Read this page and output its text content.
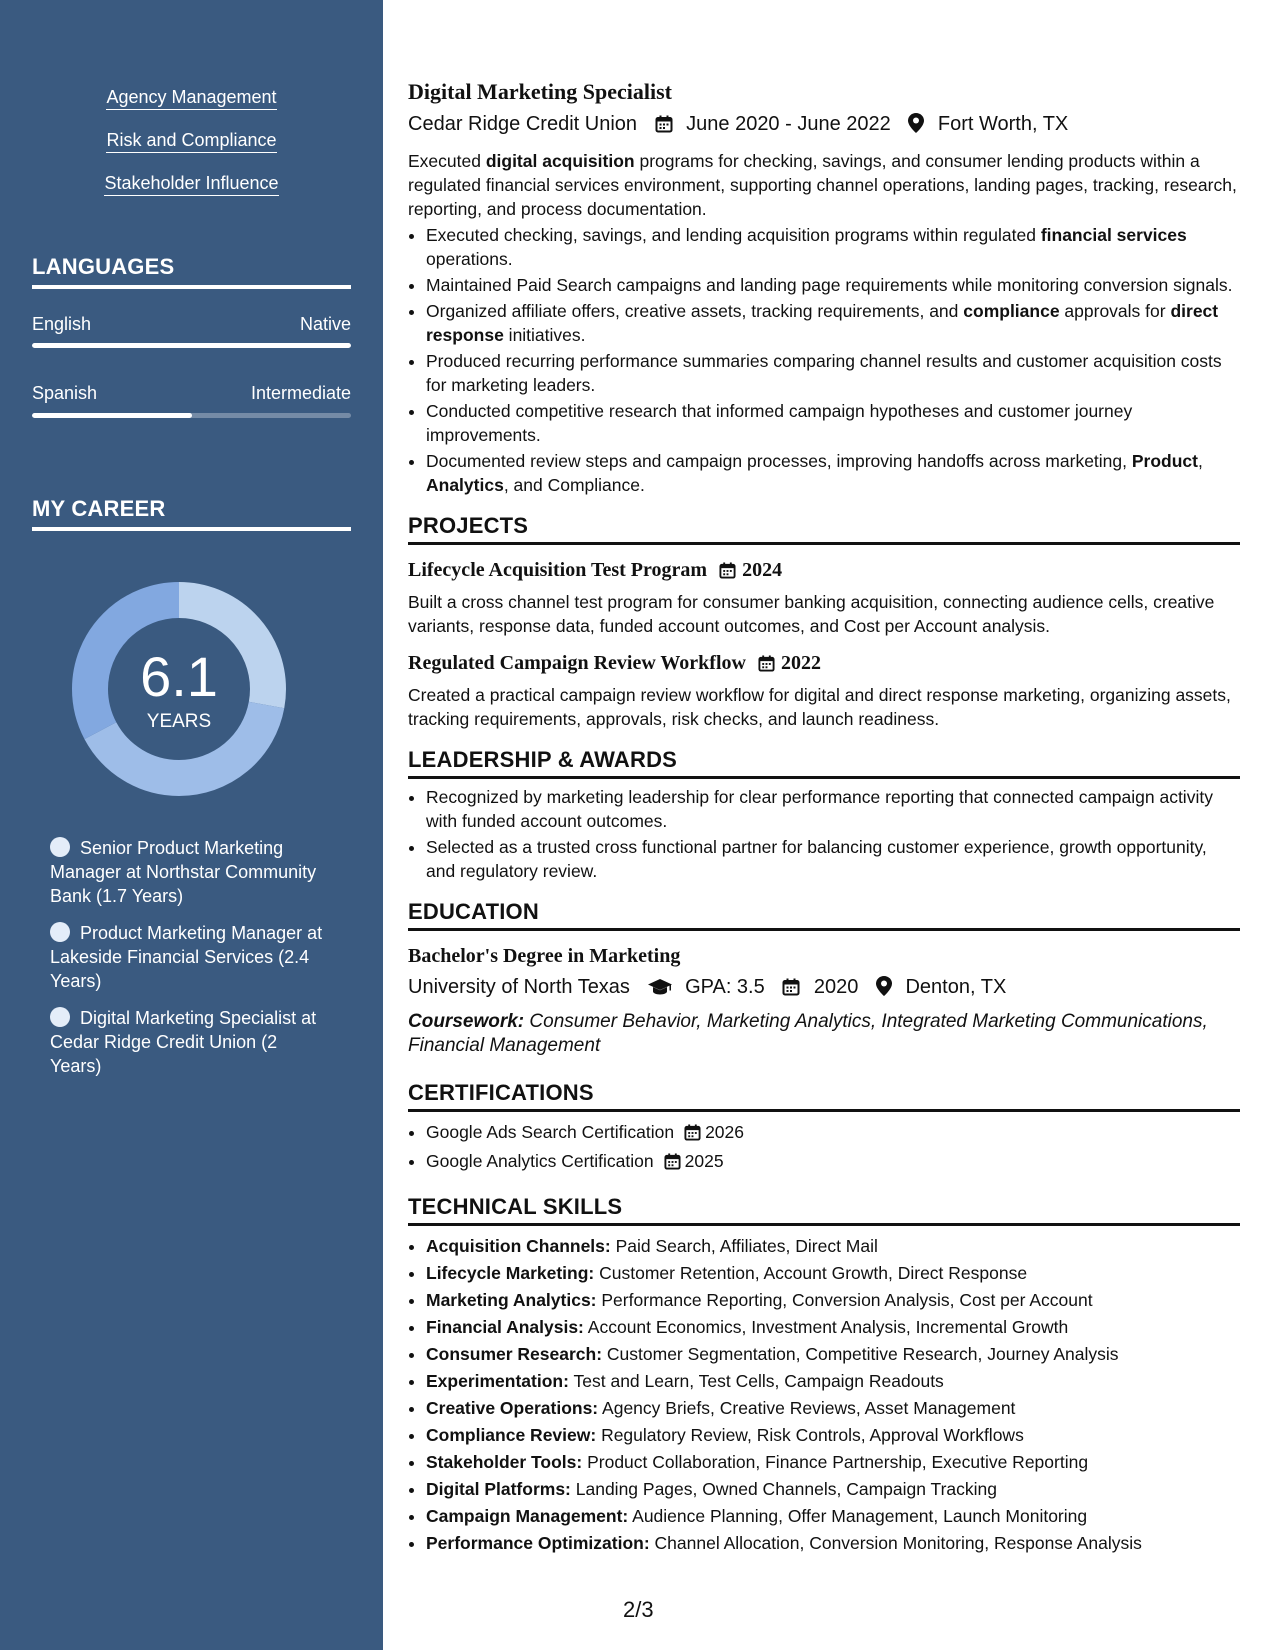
Agency Management
Risk and Compliance
Stakeholder Influence
LANGUAGES
English	Native
Spanish	Intermediate
MY CAREER
6.1
YEARS
Senior Product Marketing Manager at Northstar Community Bank (1.7 Years)
Product Marketing Manager at Lakeside Financial Services (2.4 Years)
Digital Marketing Specialist at Cedar Ridge Credit Union (2 Years)
Digital Marketing Specialist
Cedar Ridge Credit Union June 2020 - June 2022 Fort Worth, TX
Executed digital acquisition programs for checking, savings, and consumer lending products within a regulated financial services environment, supporting channel operations, landing pages, tracking, research, reporting, and process documentation.
• Executed checking, savings, and lending acquisition programs within regulated financial services operations.
• Maintained Paid Search campaigns and landing page requirements while monitoring conversion signals.
• Organized affiliate offers, creative assets, tracking requirements, and compliance approvals for direct response initiatives.
• Produced recurring performance summaries comparing channel results and customer acquisition costs for marketing leaders.
• Conducted competitive research that informed campaign hypotheses and customer journey improvements.
• Documented review steps and campaign processes, improving handoffs across marketing, Product, Analytics, and Compliance.
PROJECTS
Lifecycle Acquisition Test Program 2024
Built a cross channel test program for consumer banking acquisition, connecting audience cells, creative variants, response data, funded account outcomes, and Cost per Account analysis.
Regulated Campaign Review Workflow 2022
Created a practical campaign review workflow for digital and direct response marketing, organizing assets, tracking requirements, approvals, risk checks, and launch readiness.
LEADERSHIP & AWARDS
• Recognized by marketing leadership for clear performance reporting that connected campaign activity with funded account outcomes.
• Selected as a trusted cross functional partner for balancing customer experience, growth opportunity, and regulatory review.
EDUCATION
Bachelor's Degree in Marketing
University of North Texas	GPA: 3.5 2020 Denton, TX
Coursework: Consumer Behavior, Marketing Analytics, Integrated Marketing Communications, Financial Management
CERTIFICATIONS
• Google Ads Search Certification 2026
• Google Analytics Certification 2025
TECHNICAL SKILLS
• Acquisition Channels: Paid Search, Affiliates, Direct Mail
• Lifecycle Marketing: Customer Retention, Account Growth, Direct Response
• Marketing Analytics: Performance Reporting, Conversion Analysis, Cost per Account
• Financial Analysis: Account Economics, Investment Analysis, Incremental Growth
• Consumer Research: Customer Segmentation, Competitive Research, Journey Analysis
• Experimentation: Test and Learn, Test Cells, Campaign Readouts
• Creative Operations: Agency Briefs, Creative Reviews, Asset Management
• Compliance Review: Regulatory Review, Risk Controls, Approval Workflows
• Stakeholder Tools: Product Collaboration, Finance Partnership, Executive Reporting
• Digital Platforms: Landing Pages, Owned Channels, Campaign Tracking
• Campaign Management: Audience Planning, Offer Management, Launch Monitoring
• Performance Optimization: Channel Allocation, Conversion Monitoring, Response Analysis
2/3
